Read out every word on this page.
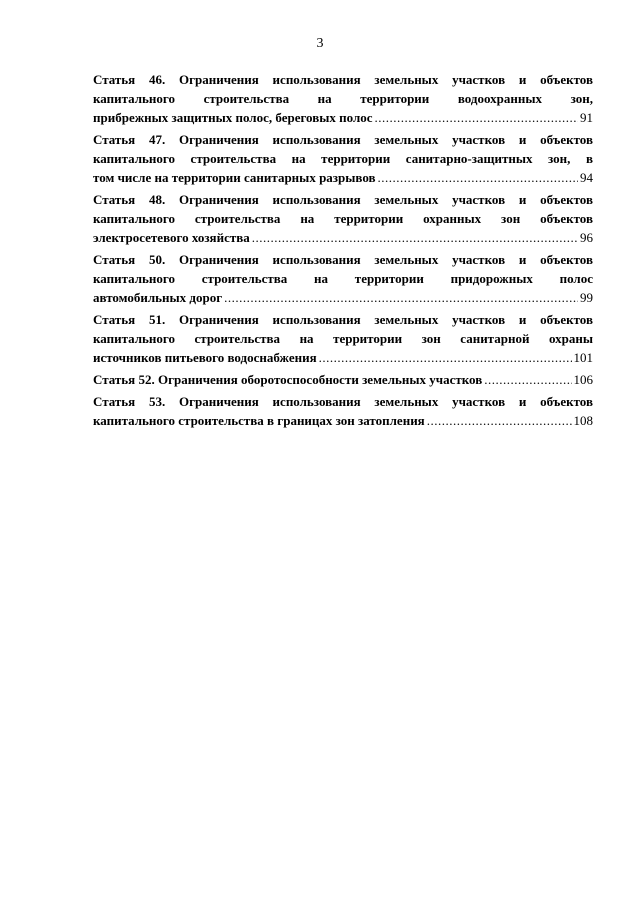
3
Статья 46. Ограничения использования земельных участков и объектов
капитального строительства на территории водоохранных зон,
прибрежных защитных полос, береговых полос .....	91
Статья 47. Ограничения использования земельных участков и объектов
капитального строительства на территории санитарно-защитных зон, в
том числе на территории санитарных разрывов .....	94
Статья 48. Ограничения использования земельных участков и объектов
капитального строительства на территории охранных зон объектов
электросетевого хозяйства .....	96
Статья 50. Ограничения использования земельных участков и объектов
капитального строительства на территории придорожных полос
автомобильных дорог .....	99
Статья 51. Ограничения использования земельных участков и объектов
капитального строительства на территории зон санитарной охраны
источников питьевого водоснабжения .....	101
Статья 52. Ограничения оборотоспособности земельных участков .....	106
Статья 53. Ограничения использования земельных участков и объектов
капитального строительства в границах зон затопления .....	108
